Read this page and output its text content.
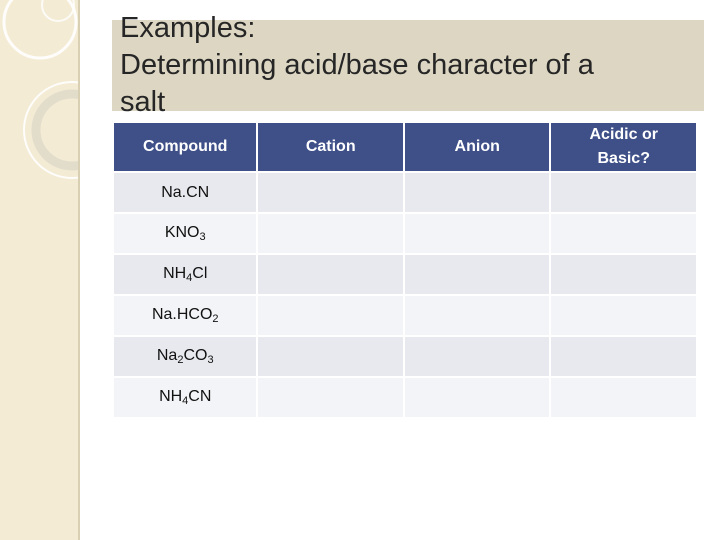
Examples:
Determining acid/base character of a
salt
Compound	Cation	Anion	Acidic or
Basic?
Na.CN			
$KNO_3$			
$NH_4Cl$			
$Na.HCO_2$			
$Na_2CO_3$			
$NH_4CN$			
